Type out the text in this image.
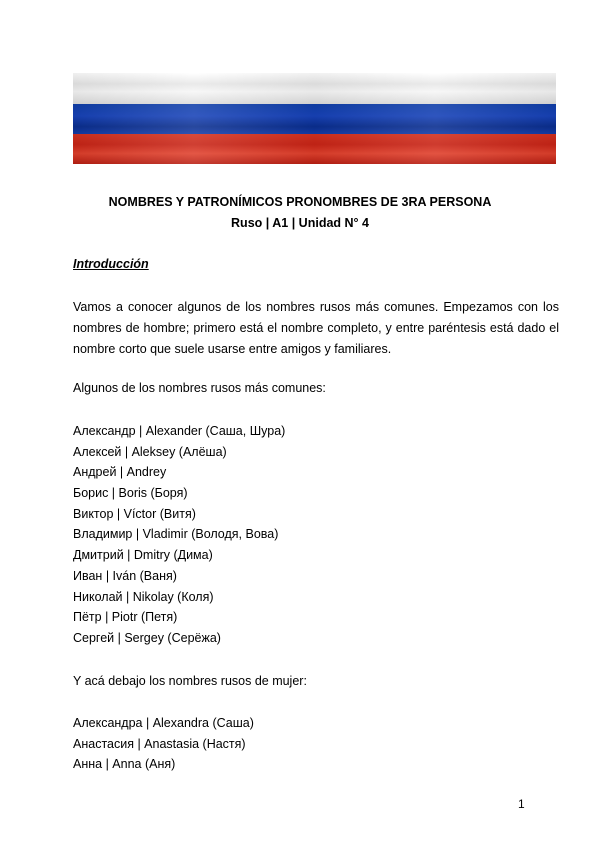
NOMBRES Y PATRONÍMICOS PRONOMBRES DE 3RA PERSONA
Ruso | A1 | Unidad N° 4
Introducción
Vamos a conocer algunos de los nombres rusos más comunes. Empezamos con los nombres de hombre; primero está el nombre completo, y entre paréntesis está dado el nombre corto que suele usarse entre amigos y familiares.
Algunos de los nombres rusos más comunes:
Александр | Alexander (Саша, Шура)
Алексей | Aleksey (Алёша)
Андрей | Andrey
Борис | Boris (Боря)
Виктор | Víctor (Витя)
Владимир | Vladimir (Володя, Вова)
Дмитрий | Dmitry (Дима)
Иван | Iván (Ваня)
Николай | Nikolay (Коля)
Пётр | Piotr (Петя)
Сергей | Sergey (Серёжа)
Y acá debajo los nombres rusos de mujer:
Александра | Alexandra (Саша)
Анастасия | Anastasia (Настя)
Анна | Anna (Аня)
1
